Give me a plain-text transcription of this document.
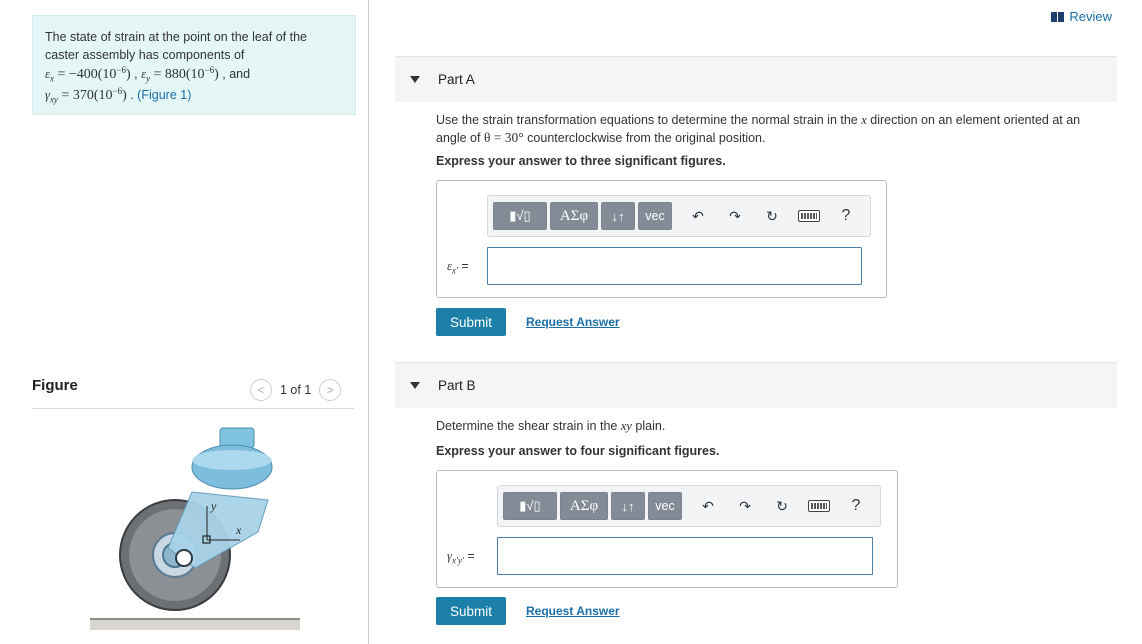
The state of strain at the point on the leaf of the
caster assembly has components of
$\varepsilon_x = -400(10^{-6})$ , $\varepsilon_y = 880(10^{-6})$ , and
$\gamma_{xy} = 370(10^{-6})$ . (Figure 1)
Figure	< 1 of 1 >
x
y
Review
Part A
Use the strain transformation equations to determine the normal strain in the x direction on an element oriented at an
angle of θ = 30° counterclockwise from the original position.
Express your answer to three significant figures.
▮√▯ ΑΣφ ↓↑ vec ↶ ↷ ↻	?
$\varepsilon_{x'}$ =
Submit	Request Answer
Part B
Determine the shear strain in the xy plain.
Express your answer to four significant figures.
▮√▯ ΑΣφ ↓↑ vec ↶ ↷ ↻	?
$\gamma_{x'y'}$ =
Submit	Request Answer
